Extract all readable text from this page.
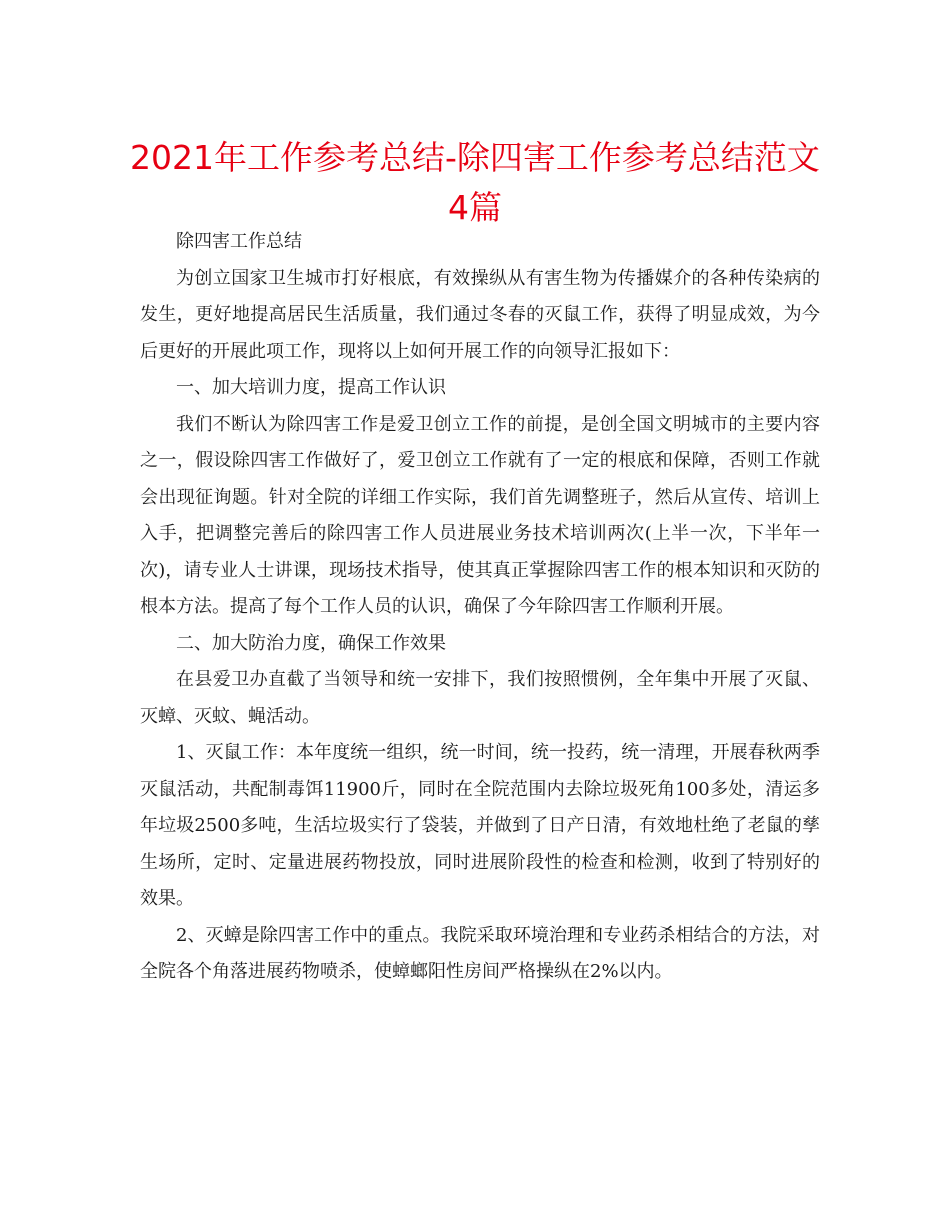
2021年工作参考总结-除四害工作参考总结范文
4篇

除四害工作总结

为创立国家卫生城市打好根底，有效操纵从有害生物为传播媒介的各种传染病的发生，更好地提高居民生活质量，我们通过冬春的灭鼠工作，获得了明显成效，为今后更好的开展此项工作，现将以上如何开展工作的向领导汇报如下：

一、加大培训力度，提高工作认识

我们不断认为除四害工作是爱卫创立工作的前提，是创全国文明城市的主要内容之一，假设除四害工作做好了，爱卫创立工作就有了一定的根底和保障，否则工作就会出现征询题。针对全院的详细工作实际，我们首先调整班子，然后从宣传、培训上入手，把调整完善后的除四害工作人员进展业务技术培训两次(上半一次，下半年一次)，请专业人士讲课，现场技术指导，使其真正掌握除四害工作的根本知识和灭防的根本方法。提高了每个工作人员的认识，确保了今年除四害工作顺利开展。

二、加大防治力度，确保工作效果

在县爱卫办直截了当领导和统一安排下，我们按照惯例，全年集中开展了灭鼠、灭蟑、灭蚊、蝇活动。

1、灭鼠工作：本年度统一组织，统一时间，统一投药，统一清理，开展春秋两季灭鼠活动，共配制毒饵11900斤，同时在全院范围内去除垃圾死角100多处，清运多年垃圾2500多吨，生活垃圾实行了袋装，并做到了日产日清，有效地杜绝了老鼠的孳生场所，定时、定量进展药物投放，同时进展阶段性的检查和检测，收到了特别好的效果。

2、灭蟑是除四害工作中的重点。我院采取环境治理和专业药杀相结合的方法，对全院各个角落进展药物喷杀，使蟑螂阳性房间严格操纵在2%以内。
